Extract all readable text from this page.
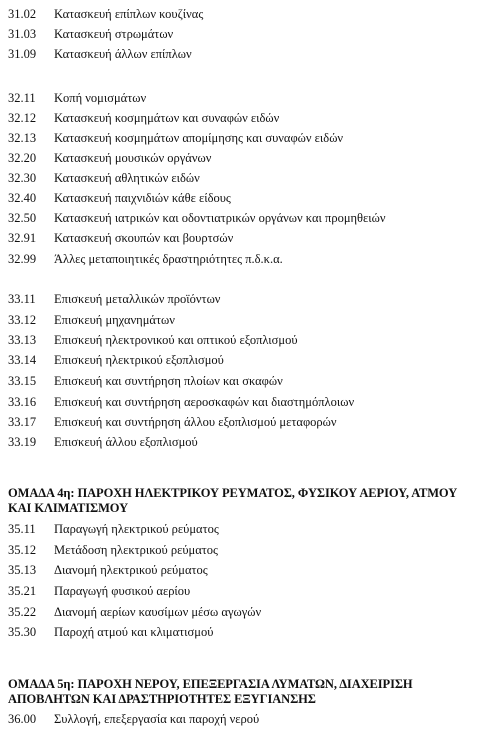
31.02	Κατασκευή επίπλων κουζίνας
31.03	Κατασκευή στρωμάτων
31.09	Κατασκευή άλλων επίπλων
32.11	Κοπή νομισμάτων
32.12	Κατασκευή κοσμημάτων και συναφών ειδών
32.13	Κατασκευή κοσμημάτων απομίμησης και συναφών ειδών
32.20	Κατασκευή μουσικών οργάνων
32.30	Κατασκευή αθλητικών ειδών
32.40	Κατασκευή παιχνιδιών κάθε είδους
32.50	Κατασκευή ιατρικών και οδοντιατρικών οργάνων και προμηθειών
32.91	Κατασκευή σκουπών και βουρτσών
32.99	Άλλες μεταποιητικές δραστηριότητες π.δ.κ.α.
33.11	Επισκευή μεταλλικών προϊόντων
33.12	Επισκευή μηχανημάτων
33.13	Επισκευή ηλεκτρονικού και οπτικού εξοπλισμού
33.14	Επισκευή ηλεκτρικού εξοπλισμού
33.15	Επισκευή και συντήρηση πλοίων και σκαφών
33.16	Επισκευή και συντήρηση αεροσκαφών και διαστημόπλοιων
33.17	Επισκευή και συντήρηση άλλου εξοπλισμού μεταφορών
33.19	Επισκευή άλλου εξοπλισμού
ΟΜΑΔΑ 4η: ΠΑΡΟΧΗ ΗΛΕΚΤΡΙΚΟΥ ΡΕΥΜΑΤΟΣ, ΦΥΣΙΚΟΥ ΑΕΡΙΟΥ, ΑΤΜΟΥ ΚΑΙ ΚΛΙΜΑΤΙΣΜΟΥ
35.11	Παραγωγή ηλεκτρικού ρεύματος
35.12	Μετάδοση ηλεκτρικού ρεύματος
35.13	Διανομή ηλεκτρικού ρεύματος
35.21	Παραγωγή φυσικού αερίου
35.22	Διανομή αερίων καυσίμων μέσω αγωγών
35.30	Παροχή ατμού και κλιματισμού
ΟΜΑΔΑ 5η: ΠΑΡΟΧΗ ΝΕΡΟΥ, ΕΠΕΞΕΡΓΑΣΙΑ ΛΥΜΑΤΩΝ, ΔΙΑΧΕΙΡΙΣΗ ΑΠΟΒΛΗΤΩΝ ΚΑΙ ΔΡΑΣΤΗΡΙΟΤΗΤΕΣ ΕΞΥΓΙΑΝΣΗΣ
36.00	Συλλογή, επεξεργασία και παροχή νερού
